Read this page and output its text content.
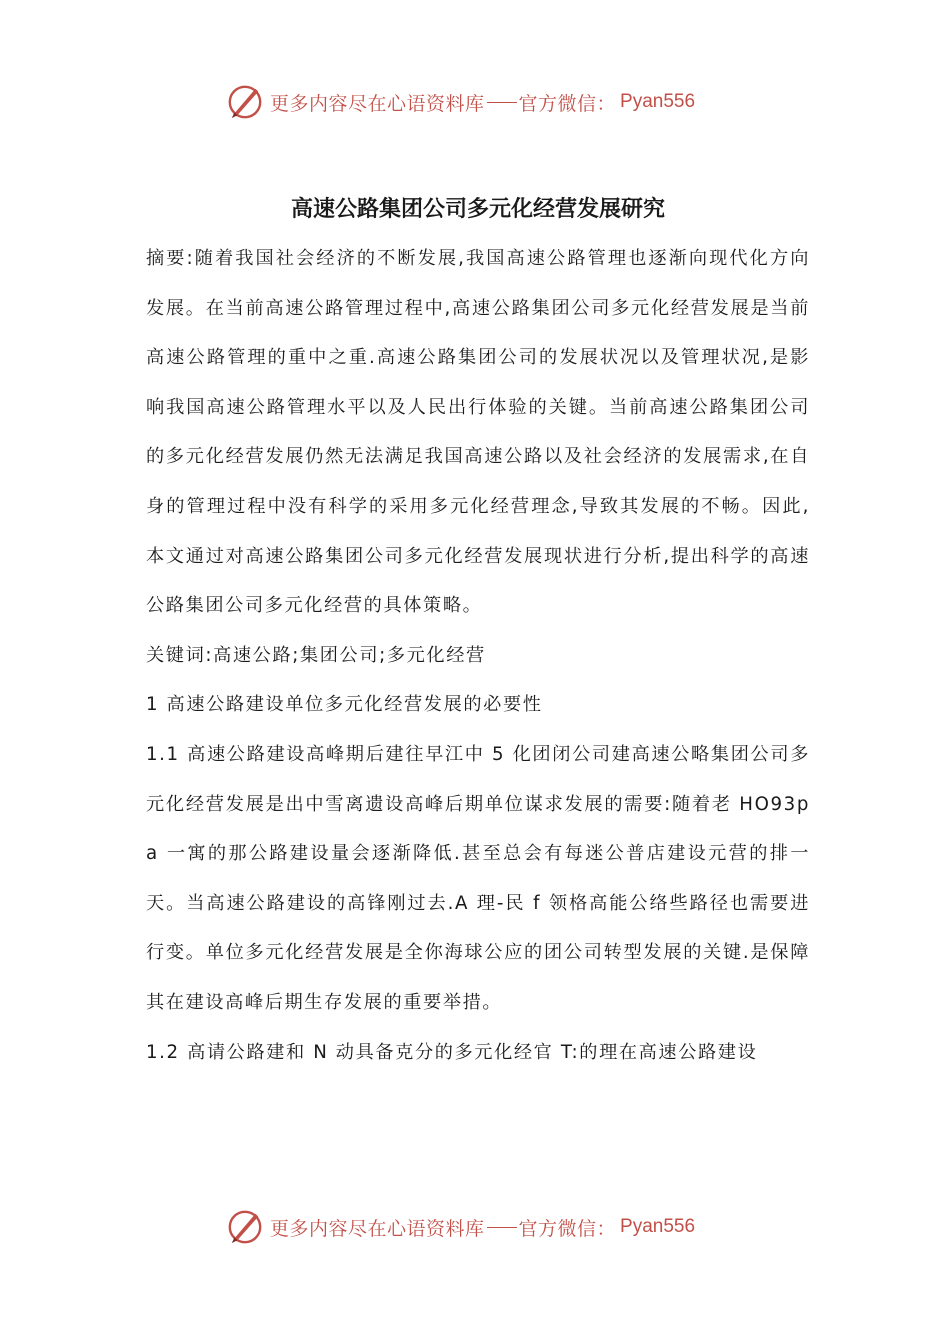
更多内容尽在心语资料库 官方微信： Pyan556
高速公路集团公司多元化经营发展研究

摘要:随着我国社会经济的不断发展,我国高速公路管理也逐渐向现代化方向发展。在当前高速公路管理过程中,高速公路集团公司多元化经营发展是当前高速公路管理的重中之重.高速公路集团公司的发展状况以及管理状况,是影响我国高速公路管理水平以及人民出行体验的关键。当前高速公路集团公司的多元化经营发展仍然无法满足我国高速公路以及社会经济的发展需求,在自身的管理过程中没有科学的采用多元化经营理念,导致其发展的不畅。因此,本文通过对高速公路集团公司多元化经营发展现状进行分析,提出科学的高速公路集团公司多元化经营的具体策略。

关键词:高速公路;集团公司;多元化经营

1 高速公路建设单位多元化经营发展的必要性

1.1 高速公路建设高峰期后建往早江中 5 化团闭公司建高速公略集团公司多元化经营发展是出中雪离遗设高峰后期单位谋求发展的需要:随着老 HO93pa 一寓的那公路建设量会逐渐降低.甚至总会有每迷公普店建设元营的排一天。当高速公路建设的高锋刚过去.A 理-民 f 领格高能公络些路径也需要进行变。单位多元化经营发展是全你海球公应的团公司转型发展的关键.是保障其在建设高峰后期生存发展的重要举措。

1.2 高请公路建和 N 动具备克分的多元化经官 T:的理在高速公路建设

更多内容尽在心语资料库 官方微信： Pyan556
